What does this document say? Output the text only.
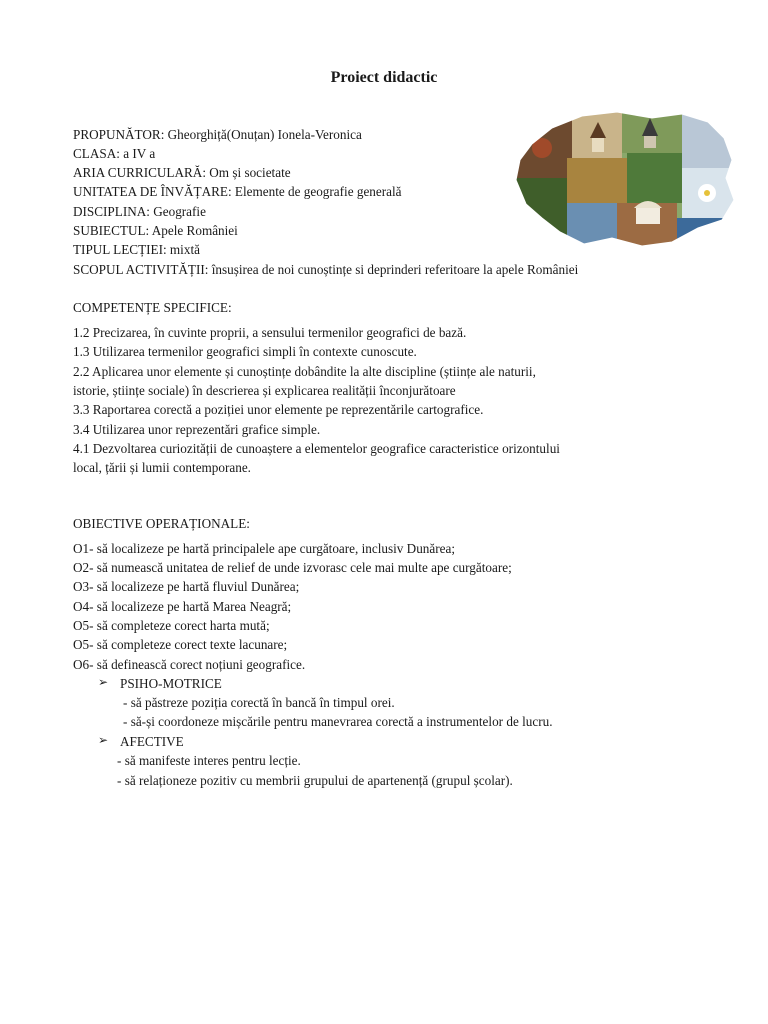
Proiect didactic
PROPUNĂTOR: Gheorghiță(Onuțan) Ionela-Veronica
CLASA: a IV a
ARIA CURRICULARĂ: Om și societate
UNITATEA DE ÎNVĂȚARE: Elemente de geografie generală
DISCIPLINA: Geografie
SUBIECTUL: Apele României
TIPUL LECȚIEI: mixtă
SCOPUL ACTIVITĂȚII: însușirea de noi cunoștințe si deprinderi referitoare la apele României
COMPETENȚE SPECIFICE:
1.2 Precizarea, în cuvinte proprii, a sensului termenilor geografici de bază.
1.3 Utilizarea termenilor geografici simpli în contexte cunoscute.
2.2 Aplicarea unor elemente și cunoștințe dobândite la alte discipline (științe ale naturii,
istorie, științe sociale) în descrierea și explicarea realității înconjurătoare
3.3 Raportarea corectă a poziției unor elemente pe reprezentările cartografice.
3.4 Utilizarea unor reprezentări grafice simple.
4.1 Dezvoltarea curiozității de cunoaștere a elementelor geografice caracteristice orizontului
local, țării și lumii contemporane.
OBIECTIVE OPERAȚIONALE:
O1- să localizeze pe hartă principalele ape curgătoare, inclusiv Dunărea;
O2- să numească unitatea de relief de unde izvorasc cele mai multe ape curgătoare;
O3- să localizeze pe hartă fluviul Dunărea;
O4- să localizeze pe hartă Marea Neagră;
O5- să completeze corect harta mută;
O5- să completeze corect texte lacunare;
O6- să definească corect noțiuni geografice.
➢ PSIHO-MOTRICE
- să păstreze poziția corectă în bancă în timpul orei.
- să-și coordoneze mișcările pentru manevrarea corectă a instrumentelor de lucru.
➢ AFECTIVE
- să manifeste interes pentru lecție.
- să relaționeze pozitiv cu membrii grupului de apartenență (grupul școlar).
